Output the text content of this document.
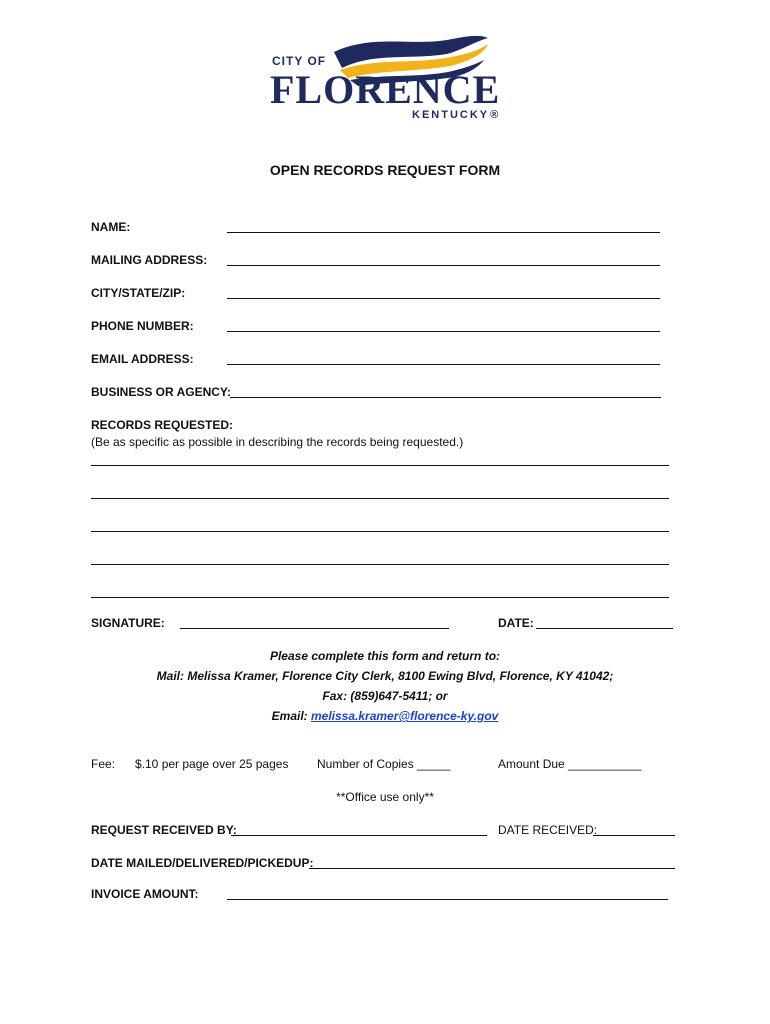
CITY OF
FLORENCE
KENTUCKY®
OPEN RECORDS REQUEST FORM
NAME:
MAILING ADDRESS:
CITY/STATE/ZIP:
PHONE NUMBER:
EMAIL ADDRESS:
BUSINESS OR AGENCY:
RECORDS REQUESTED:
(Be as specific as possible in describing the records being requested.)
SIGNATURE:	DATE:
Please complete this form and return to:
Mail: Melissa Kramer, Florence City Clerk, 8100 Ewing Blvd, Florence, KY 41042;
Fax: (859)647-5411; or
Email: melissa.kramer@florence-ky.gov
Fee: $.10 per page over 25 pages Number of Copies _____	Amount Due ___________
**Office use only**
REQUEST RECEIVED BY:	DATE RECEIVED:
DATE MAILED/DELIVERED/PICKEDUP:
INVOICE AMOUNT:
